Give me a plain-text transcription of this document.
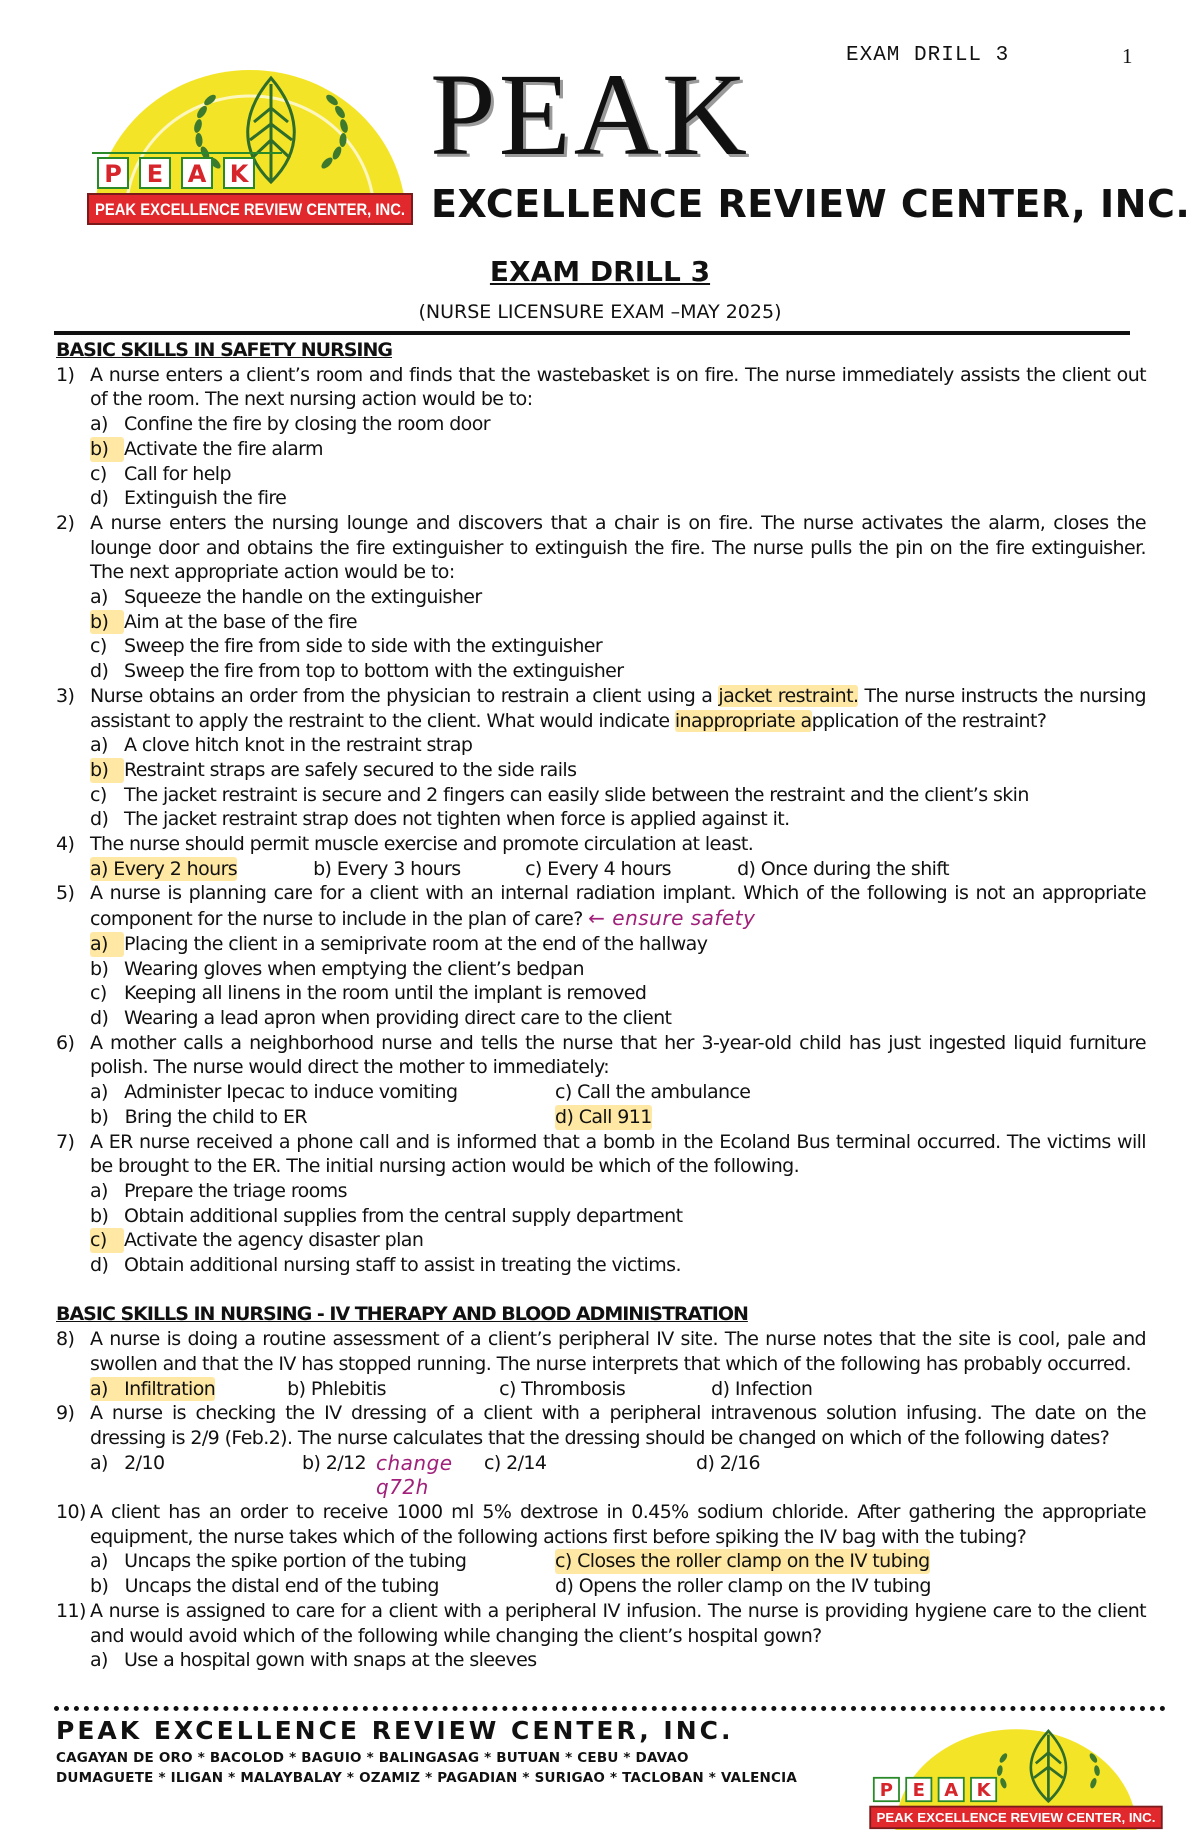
EXAM DRILL 3	1
P E A K
PEAK EXCELLENCE REVIEW CENTER, INC.
PEAK
EXCELLENCE REVIEW CENTER, INC.
EXAM DRILL 3
(NURSE LICENSURE EXAM –MAY 2025)
BASIC SKILLS IN SAFETY NURSING
1) A nurse enters a client’s room and finds that the wastebasket is on fire. The nurse immediately assists the client out of the room. The next nursing action would be to:
a) Confine the fire by closing the room door
b) Activate the fire alarm
c) Call for help
d) Extinguish the fire
2) A nurse enters the nursing lounge and discovers that a chair is on fire. The nurse activates the alarm, closes the lounge door and obtains the fire extinguisher to extinguish the fire. The nurse pulls the pin on the fire extinguisher. The next appropriate action would be to:
a) Squeeze the handle on the extinguisher
b) Aim at the base of the fire
c) Sweep the fire from side to side with the extinguisher
d) Sweep the fire from top to bottom with the extinguisher
3) Nurse obtains an order from the physician to restrain a client using a jacket restraint. The nurse instructs the nursing assistant to apply the restraint to the client. What would indicate inappropriate application of the restraint?
a) A clove hitch knot in the restraint strap
b) Restraint straps are safely secured to the side rails
c) The jacket restraint is secure and 2 fingers can easily slide between the restraint and the client’s skin
d) The jacket restraint strap does not tighten when force is applied against it.
4) The nurse should permit muscle exercise and promote circulation at least.
a) Every 2 hours	b) Every 3 hours	c) Every 4 hours	d) Once during the shift
5) A nurse is planning care for a client with an internal radiation implant. Which of the following is not an appropriate component for the nurse to include in the plan of care? ← ensure safety
a) Placing the client in a semiprivate room at the end of the hallway
b) Wearing gloves when emptying the client’s bedpan
c) Keeping all linens in the room until the implant is removed
d) Wearing a lead apron when providing direct care to the client
6) A mother calls a neighborhood nurse and tells the nurse that her 3-year-old child has just ingested liquid furniture polish. The nurse would direct the mother to immediately:
a)   Administer Ipecac to induce vomiting	c) Call the ambulance
b)   Bring the child to ER	d) Call 911
7) A ER nurse received a phone call and is informed that a bomb in the Ecoland Bus terminal occurred. The victims will be brought to the ER. The initial nursing action would be which of the following.
a) Prepare the triage rooms
b) Obtain additional supplies from the central supply department
c) Activate the agency disaster plan
d) Obtain additional nursing staff to assist in treating the victims.
BASIC SKILLS IN NURSING - IV THERAPY AND BLOOD ADMINISTRATION
8) A nurse is doing a routine assessment of a client’s peripheral IV site. The nurse notes that the site is cool, pale and swollen and that the IV has stopped running. The nurse interprets that which of the following has probably occurred.
a)   Infiltration	b) Phlebitis	c) Thrombosis	d) Infection
9) A nurse is checking the IV dressing of a client with a peripheral intravenous solution infusing. The date on the dressing is 2/9 (Feb.2). The nurse calculates that the dressing should be changed on which of the following dates?
a)   2/10	b) 2/12 change q72h
c) 2/14	d) 2/16
10) A client has an order to receive 1000 ml 5% dextrose in 0.45% sodium chloride. After gathering the appropriate equipment, the nurse takes which of the following actions first before spiking the IV bag with the tubing?
a)   Uncaps the spike portion of the tubing	c) Closes the roller clamp on the IV tubing
b)   Uncaps the distal end of the tubing	d) Opens the roller clamp on the IV tubing
11) A nurse is assigned to care for a client with a peripheral IV infusion. The nurse is providing hygiene care to the client and would avoid which of the following while changing the client’s hospital gown?
a) Use a hospital gown with snaps at the sleeves
PEAK EXCELLENCE REVIEW CENTER, INC.
CAGAYAN DE ORO * BACOLOD * BAGUIO * BALINGASAG * BUTUAN * CEBU * DAVAO
DUMAGUETE * ILIGAN * MALAYBALAY * OZAMIZ * PAGADIAN * SURIGAO * TACLOBAN * VALENCIA
P E A K
PEAK EXCELLENCE REVIEW CENTER, INC.
